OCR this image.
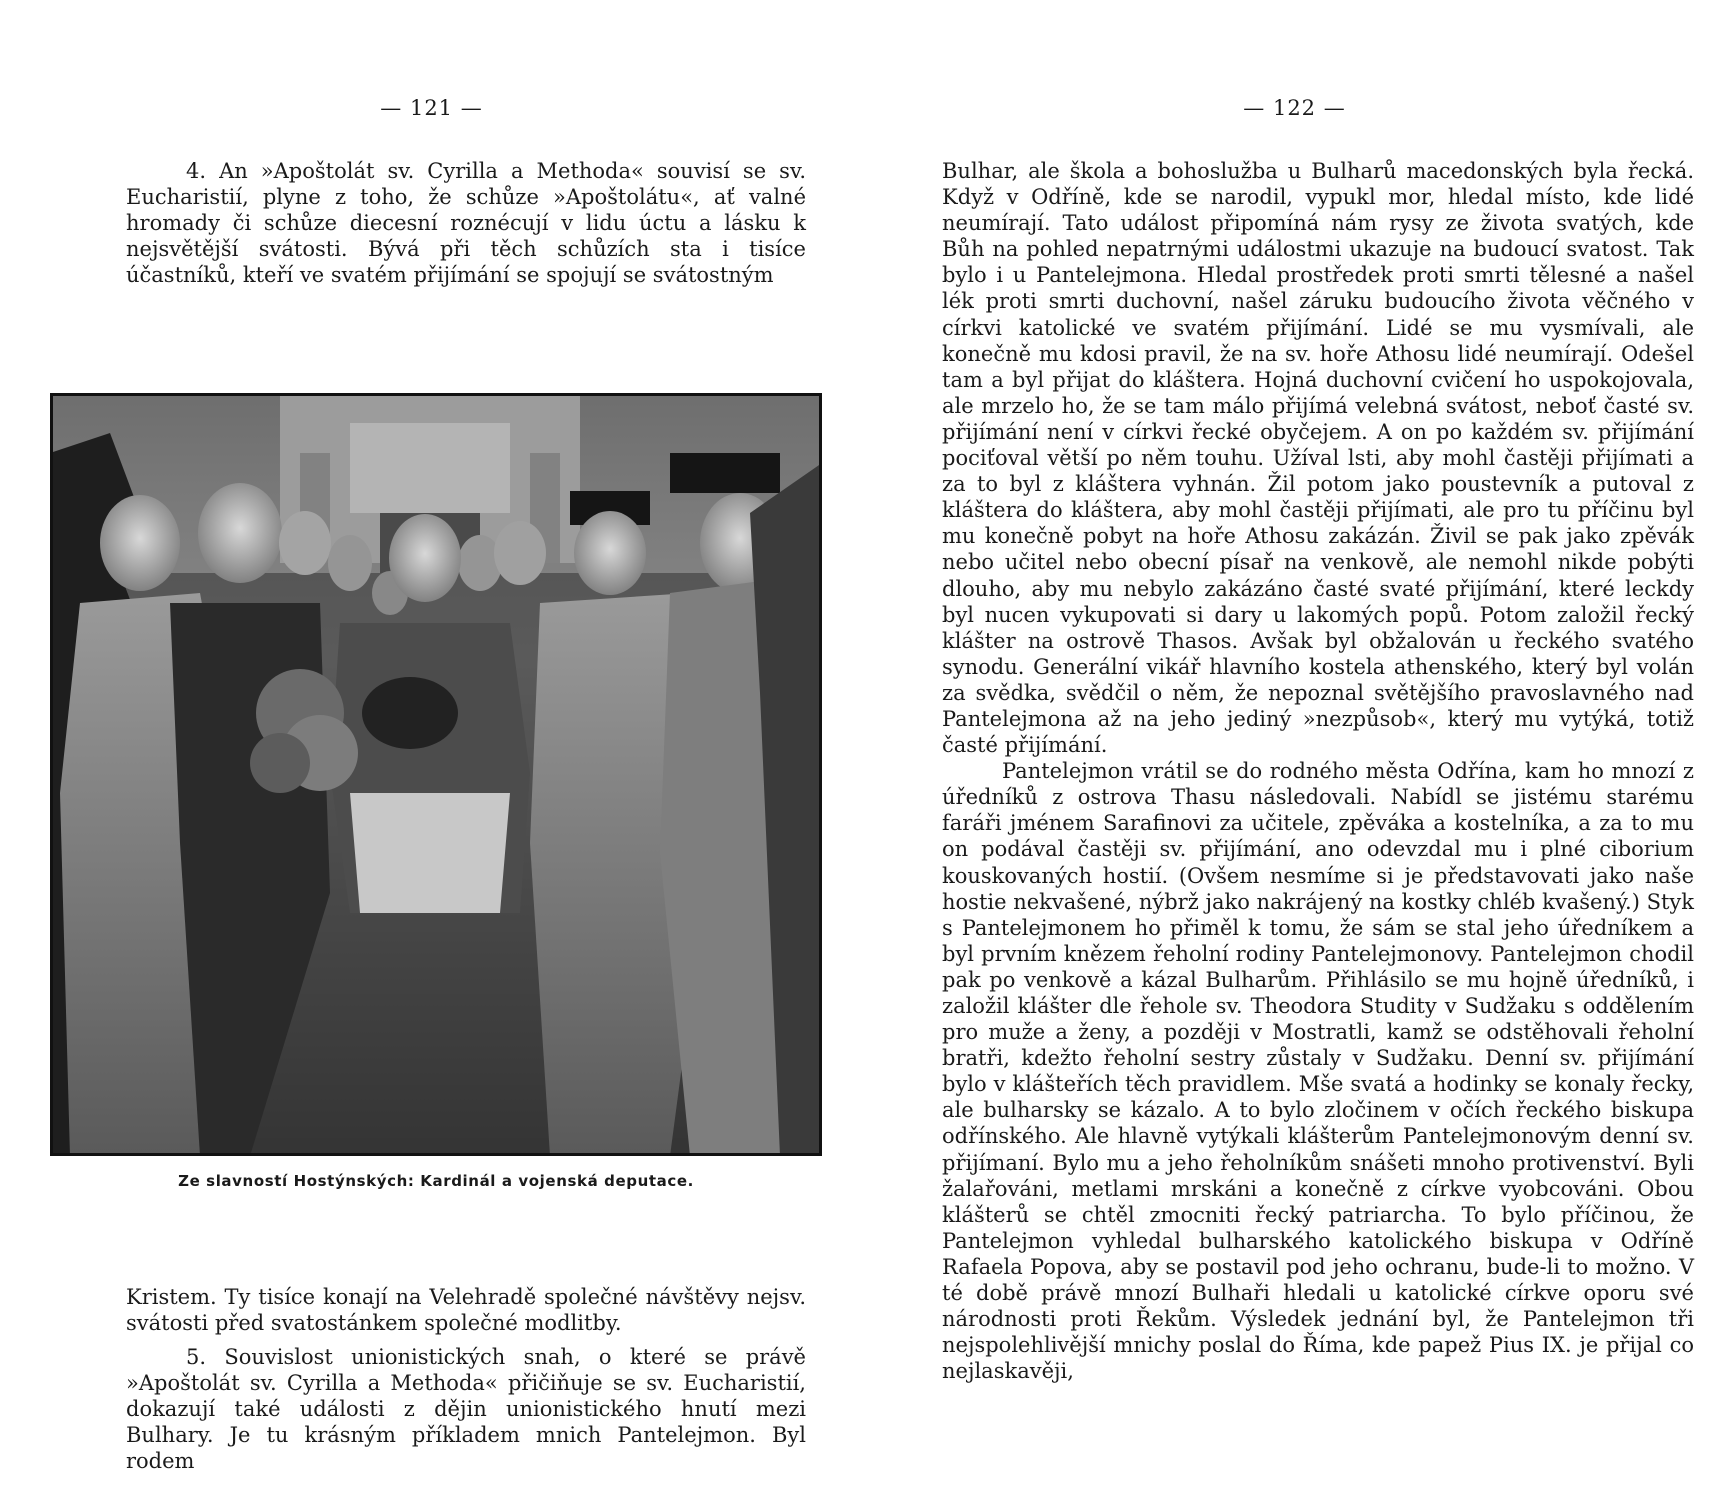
— 121 —

4. An »Apoštolát sv. Cyrilla a Methoda« souvisí se sv. Eucharistií, plyne z toho, že schůze »Apoštolátu«, ať valné hromady či schůze diecesní roznécují v lidu úctu a lásku k nejsvětější svátosti. Bývá při těch schůzích sta i tisíce účastníků, kteří ve svatém přijímání se spojují se svátostným

Ze slavností Hostýnských: Kardinál a vojenská deputace.

Kristem. Ty tisíce konají na Velehradě společné návštěvy nejsv. svátosti před svatostánkem společné modlitby.

5. Souvislost unionistických snah, o které se právě »Apoštolát sv. Cyrilla a Methoda« přičiňuje se sv. Eucharistií, dokazují také události z dějin unionistického hnutí mezi Bulhary. Je tu krásným příkladem mnich Pantelejmon. Byl rodem

— 122 —

Bulhar, ale škola a bohoslužba u Bulharů macedonských byla řecká. Když v Odříně, kde se narodil, vypukl mor, hledal místo, kde lidé neumírají. Tato událost připomíná nám rysy ze života svatých, kde Bůh na pohled nepatrnými událostmi ukazuje na budoucí svatost. Tak bylo i u Pantelejmona. Hledal prostředek proti smrti tělesné a našel lék proti smrti duchovní, našel záruku budoucího života věčného v církvi katolické ve svatém přijímání. Lidé se mu vysmívali, ale konečně mu kdosi pravil, že na sv. hoře Athosu lidé neumírají. Odešel tam a byl přijat do kláštera. Hojná duchovní cvičení ho uspokojovala, ale mrzelo ho, že se tam málo přijímá velebná svátost, neboť časté sv. přijímání není v církvi řecké obyčejem. A on po každém sv. přijímání pociťoval větší po něm touhu. Užíval lsti, aby mohl častěji přijímati a za to byl z kláštera vyhnán. Žil potom jako poustevník a putoval z kláštera do kláštera, aby mohl častěji přijímati, ale pro tu příčinu byl mu konečně pobyt na hoře Athosu zakázán. Živil se pak jako zpěvák nebo učitel nebo obecní písař na venkově, ale nemohl nikde pobýti dlouho, aby mu nebylo zakázáno časté svaté přijímání, které leckdy byl nucen vykupovati si dary u lakomých popů. Potom založil řecký klášter na ostrově Thasos. Avšak byl obžalován u řeckého svatého synodu. Generální vikář hlavního kostela athenského, který byl volán za svědka, svědčil o něm, že nepoznal světějšího pravoslavného nad Pantelejmona až na jeho jediný »nezpůsob«, který mu vytýká, totiž časté přijímání.

Pantelejmon vrátil se do rodného města Odřína, kam ho mnozí z úředníků z ostrova Thasu následovali. Nabídl se jistému starému faráři jménem Sarafinovi za učitele, zpěváka a kostelníka, a za to mu on podával častěji sv. přijímání, ano odevzdal mu i plné ciborium kouskovaných hostií. (Ovšem nesmíme si je představovati jako naše hostie nekvašené, nýbrž jako nakrájený na kostky chléb kvašený.) Styk s Pantelejmonem ho přiměl k tomu, že sám se stal jeho úředníkem a byl prvním knězem řeholní rodiny Pantelejmonovy. Pantelejmon chodil pak po venkově a kázal Bulharům. Přihlásilo se mu hojně úředníků, i založil klášter dle řehole sv. Theodora Studity v Sudžaku s oddělením pro muže a ženy, a později v Mostratli, kamž se odstěhovali řeholní bratři, kdežto řeholní sestry zůstaly v Sudžaku. Denní sv. přijímání bylo v klášteřích těch pravidlem. Mše svatá a hodinky se konaly řecky, ale bulharsky se kázalo. A to bylo zločinem v očích řeckého biskupa odřínského. Ale hlavně vytýkali klášterům Pantelejmonovým denní sv. přijímaní. Bylo mu a jeho řeholníkům snášeti mnoho protivenství. Byli žalařováni, metlami mrskáni a konečně z církve vyobcováni. Obou klášterů se chtěl zmocniti řecký patriarcha. To bylo příčinou, že Pantelejmon vyhledal bulharského katolického biskupa v Odříně Rafaela Popova, aby se postavil pod jeho ochranu, bude-li to možno. V té době právě mnozí Bulhaři hledali u katolické církve oporu své národnosti proti Řekům. Výsledek jednání byl, že Pantelejmon tři nejspolehlivější mnichy poslal do Říma, kde papež Pius IX. je přijal co nejlaskavěji,
